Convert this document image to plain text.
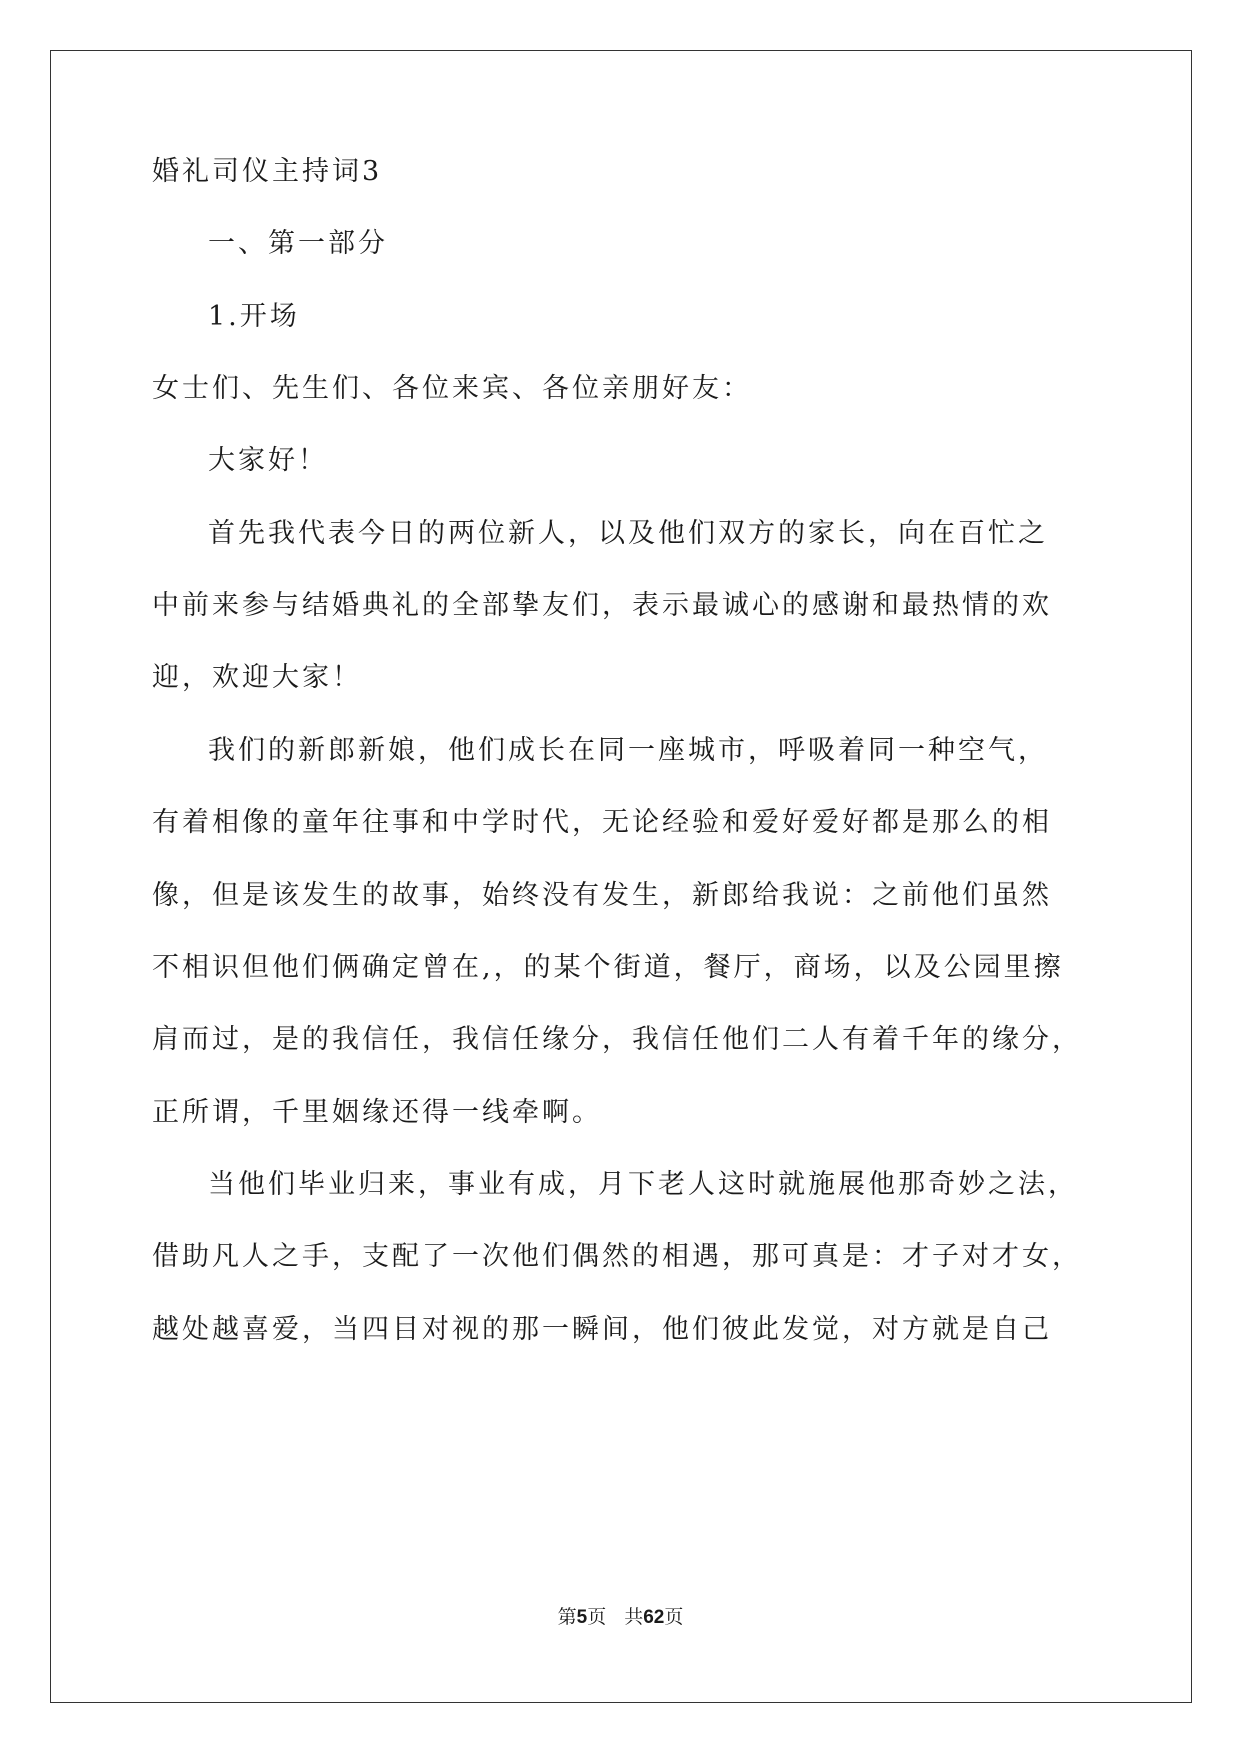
婚礼司仪主持词3
一、第一部分
1.开场
女士们、先生们、各位来宾、各位亲朋好友：
大家好！
首先我代表今日的两位新人，以及他们双方的家长，向在百忙之
中前来参与结婚典礼的全部挚友们，表示最诚心的感谢和最热情的欢
迎，欢迎大家！
我们的新郎新娘，他们成长在同一座城市，呼吸着同一种空气，
有着相像的童年往事和中学时代，无论经验和爱好爱好都是那么的相
像，但是该发生的故事，始终没有发生，新郎给我说：之前他们虽然
不相识但他们俩确定曾在,，的某个街道，餐厅，商场，以及公园里擦
肩而过，是的我信任，我信任缘分，我信任他们二人有着千年的缘分，
正所谓，千里姻缘还得一线牵啊。
当他们毕业归来，事业有成，月下老人这时就施展他那奇妙之法，
借助凡人之手，支配了一次他们偶然的相遇，那可真是：才子对才女，
越处越喜爱，当四目对视的那一瞬间，他们彼此发觉，对方就是自己
第5页 共62页
